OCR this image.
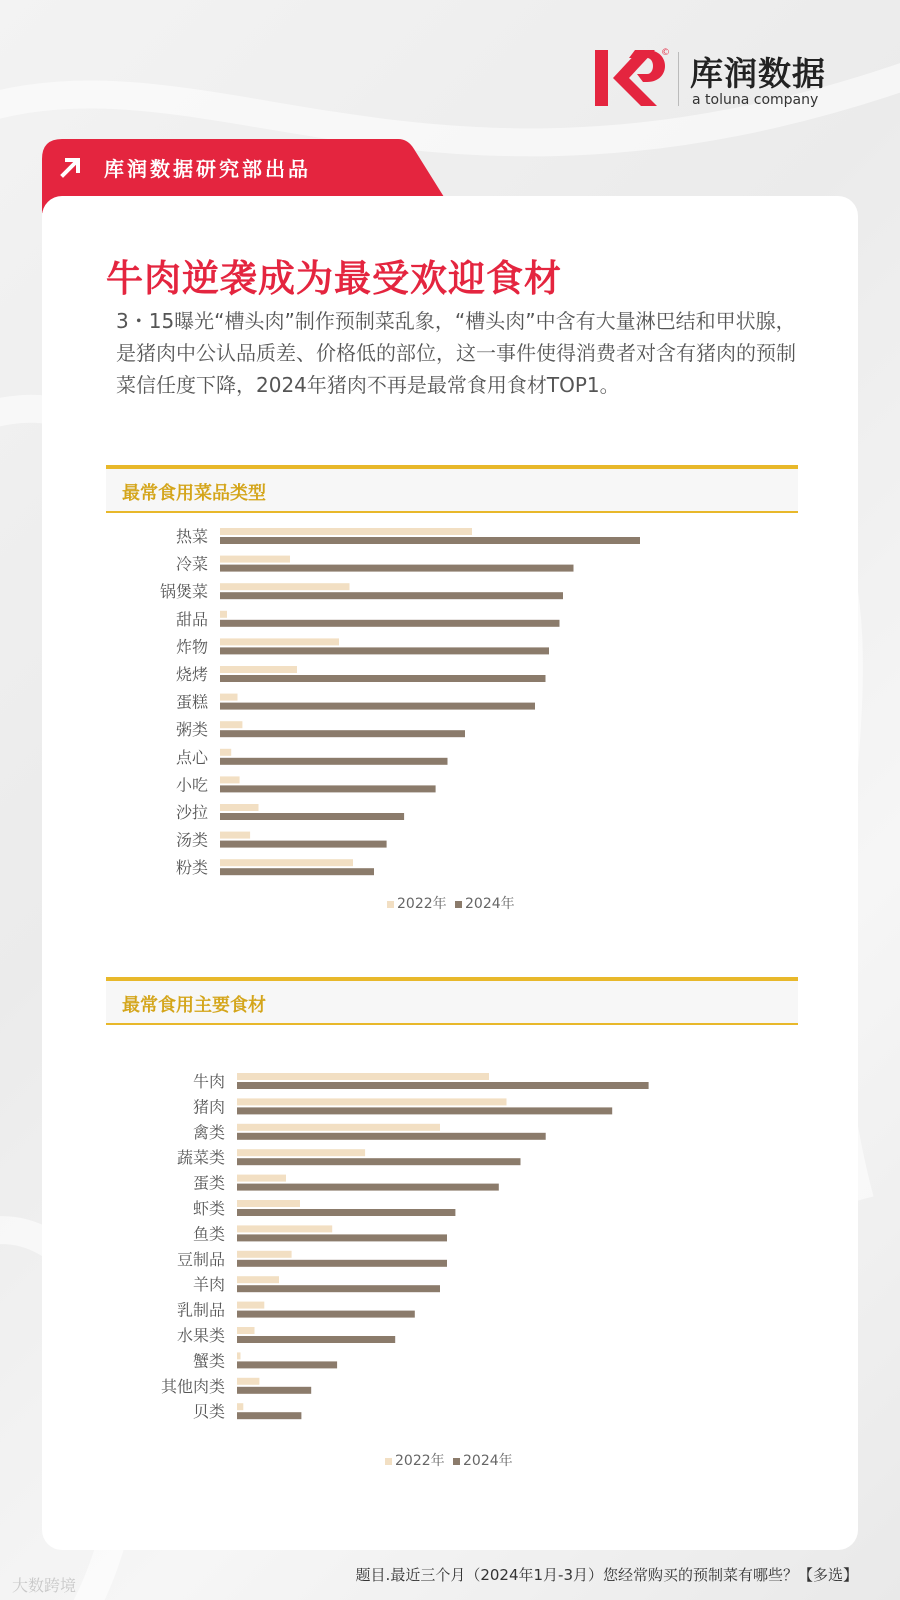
©
库润数据
a toluna company
库润数据研究部出品
牛肉逆袭成为最受欢迎食材
3・15曝光“槽头肉”制作预制菜乱象，“槽头肉”中含有大量淋巴结和甲状腺，是猪肉中公认品质差、价格低的部位，这一事件使得消费者对含有猪肉的预制菜信任度下降，2024年猪肉不再是最常食用食材TOP1。
最常食用菜品类型
热菜
冷菜
锅煲菜
甜品
炸物
烧烤
蛋糕
粥类
点心
小吃
沙拉
汤类
粉类
2022年 2024年
最常食用主要食材
牛肉
猪肉
禽类
蔬菜类
蛋类
虾类
鱼类
豆制品
羊肉
乳制品
水果类
蟹类
其他肉类
贝类
2022年 2024年
题目.最近三个月（2024年1月-3月）您经常购买的预制菜有哪些？【多选】
大数跨境
